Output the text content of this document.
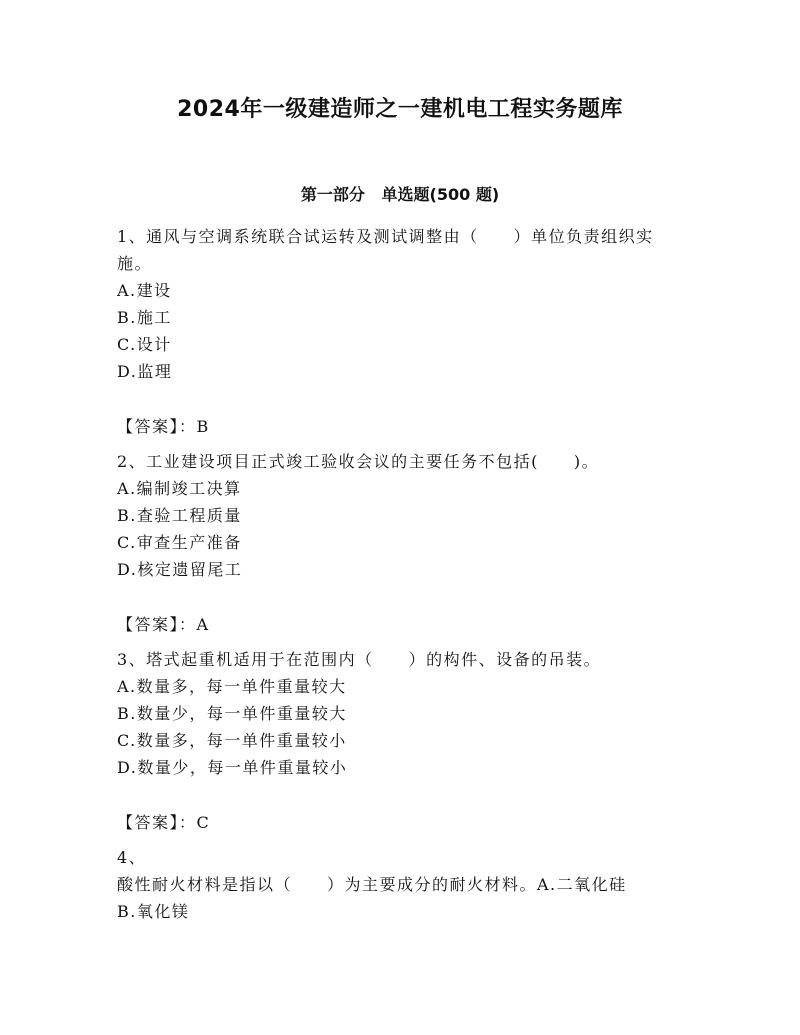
2024年一级建造师之一建机电工程实务题库
第一部分   单选题(500 题)
1、通风与空调系统联合试运转及测试调整由（　　）单位负责组织实
施。
A.建设
B.施工
C.设计
D.监理
【答案】：B
2、工业建设项目正式竣工验收会议的主要任务不包括(　　)。
A.编制竣工决算
B.查验工程质量
C.审查生产准备
D.核定遗留尾工
【答案】：A
3、塔式起重机适用于在范围内（　　）的构件、设备的吊装。
A.数量多，每一单件重量较大
B.数量少，每一单件重量较大
C.数量多，每一单件重量较小
D.数量少，每一单件重量较小
【答案】：C
4、
酸性耐火材料是指以（　　）为主要成分的耐火材料。A.二氧化硅
B.氧化镁
